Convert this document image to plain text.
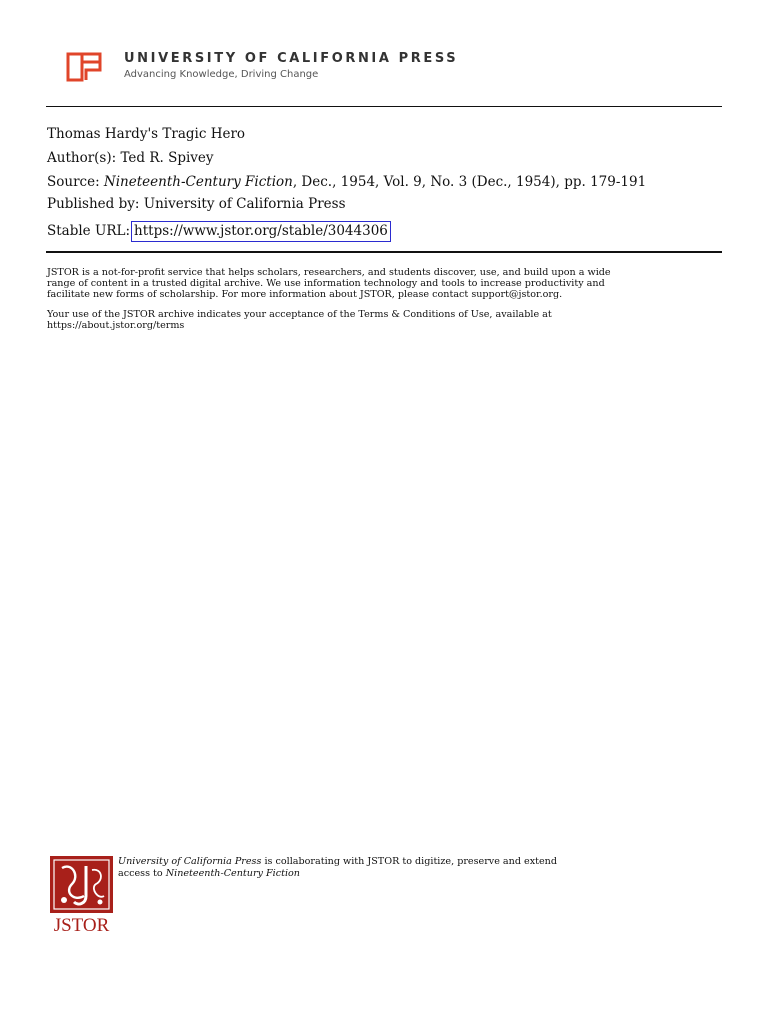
UNIVERSITY OF CALIFORNIA PRESS
Advancing Knowledge, Driving Change
Thomas Hardy's Tragic Hero
Author(s): Ted R. Spivey
Source: Nineteenth-Century Fiction, Dec., 1954, Vol. 9, No. 3 (Dec., 1954), pp. 179-191
Published by: University of California Press
Stable URL: https://www.jstor.org/stable/3044306
JSTOR is a not-for-profit service that helps scholars, researchers, and students discover, use, and build upon a wide
range of content in a trusted digital archive. We use information technology and tools to increase productivity and
facilitate new forms of scholarship. For more information about JSTOR, please contact support@jstor.org.
Your use of the JSTOR archive indicates your acceptance of the Terms & Conditions of Use, available at
https://about.jstor.org/terms
JSTOR
University of California Press is collaborating with JSTOR to digitize, preserve and extend
access to Nineteenth-Century Fiction
